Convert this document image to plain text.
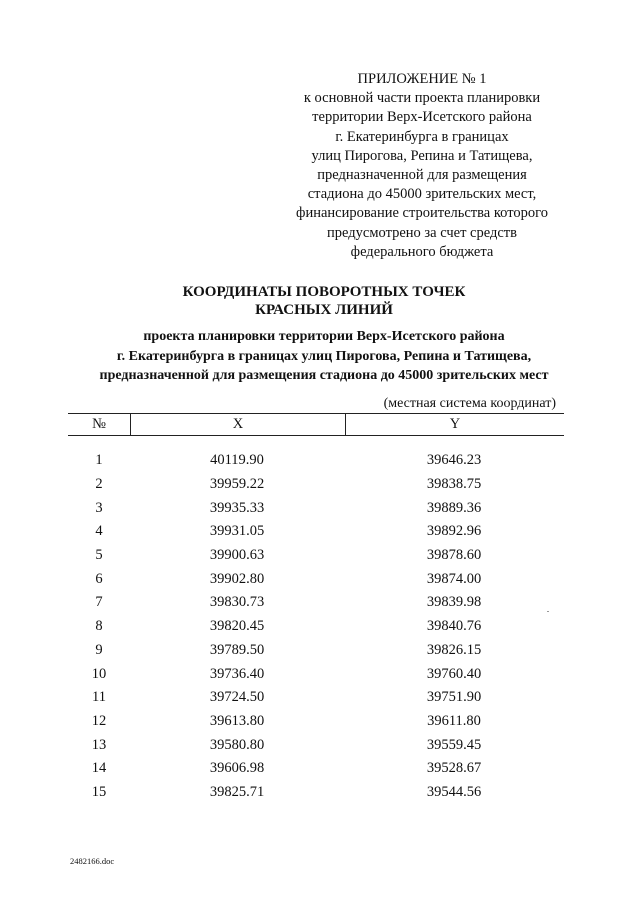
ПРИЛОЖЕНИЕ № 1
к основной части проекта планировки
территории Верх-Исетского района
г. Екатеринбурга в границах
улиц Пирогова, Репина и Татищева,
предназначенной для размещения
стадиона до 45000 зрительских мест,
финансирование строительства которого
предусмотрено за счет средств
федерального бюджета
КООРДИНАТЫ ПОВОРОТНЫХ ТОЧЕК
КРАСНЫХ ЛИНИЙ
проекта планировки территории Верх-Исетского района
г. Екатеринбурга в границах улиц Пирогова, Репина и Татищева,
предназначенной для размещения стадиона до 45000 зрительских мест
(местная система координат)
№	X	Y
1	40119.90	39646.23
2	39959.22	39838.75
3	39935.33	39889.36
4	39931.05	39892.96
5	39900.63	39878.60
6	39902.80	39874.00
7	39830.73	39839.98
8	39820.45	39840.76
9	39789.50	39826.15
10	39736.40	39760.40
11	39724.50	39751.90
12	39613.80	39611.80
13	39580.80	39559.45
14	39606.98	39528.67
15	39825.71	39544.56
2482166.doc
